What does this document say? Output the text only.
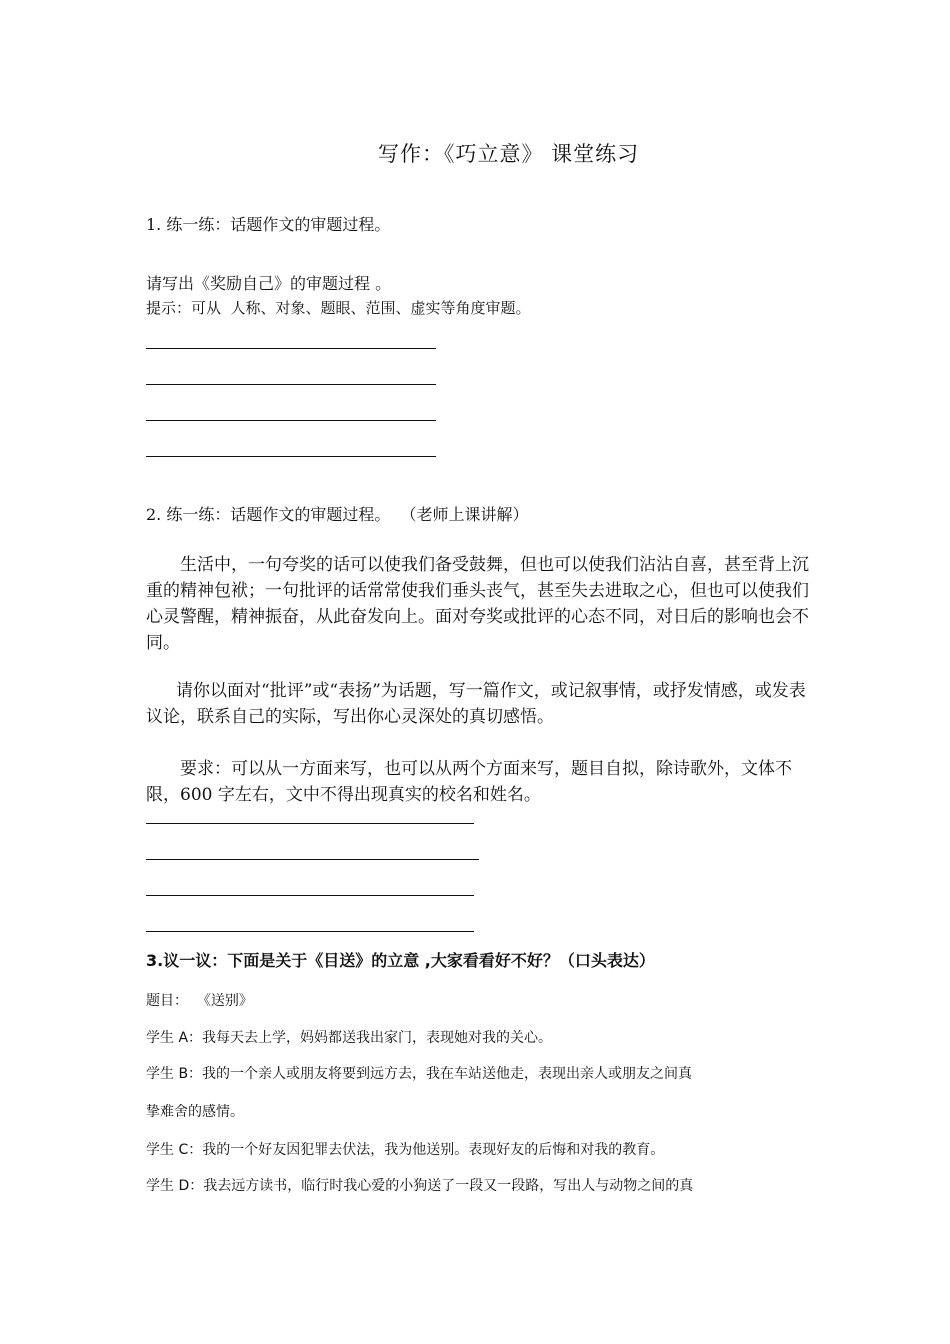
写作：《巧立意》 课堂练习
1. 练一练：话题作文的审题过程。
请写出《奖励自己》的审题过程 。
提示：可从  人称、对象、题眼、范围、虚实等角度审题。
2. 练一练：话题作文的审题过程。  （老师上课讲解）
生活中，一句夸奖的话可以使我们备受鼓舞，但也可以使我们沾沾自喜，甚至背上沉重的精神包袱；一句批评的话常常使我们垂头丧气，甚至失去进取之心，但也可以使我们心灵警醒，精神振奋，从此奋发向上。面对夸奖或批评的心态不同，对日后的影响也会不同。
请你以面对“批评”或“表扬”为话题，写一篇作文，或记叙事情，或抒发情感，或发表议论，联系自己的实际，写出你心灵深处的真切感悟。
要求：可以从一方面来写，也可以从两个方面来写，题目自拟，除诗歌外，文体不限，600 字左右，文中不得出现真实的校名和姓名。
3.议一议：下面是关于《目送》的立意 ,大家看看好不好？（口头表达）
题目：  《送别》
学生 A：我每天去上学，妈妈都送我出家门，表现她对我的关心。
学生 B：我的一个亲人或朋友将要到远方去，我在车站送他走，表现出亲人或朋友之间真
挚难舍的感情。
学生 C：我的一个好友因犯罪去伏法，我为他送别。表现好友的后悔和对我的教育。
学生 D：我去远方读书，临行时我心爱的小狗送了一段又一段路，写出人与动物之间的真
